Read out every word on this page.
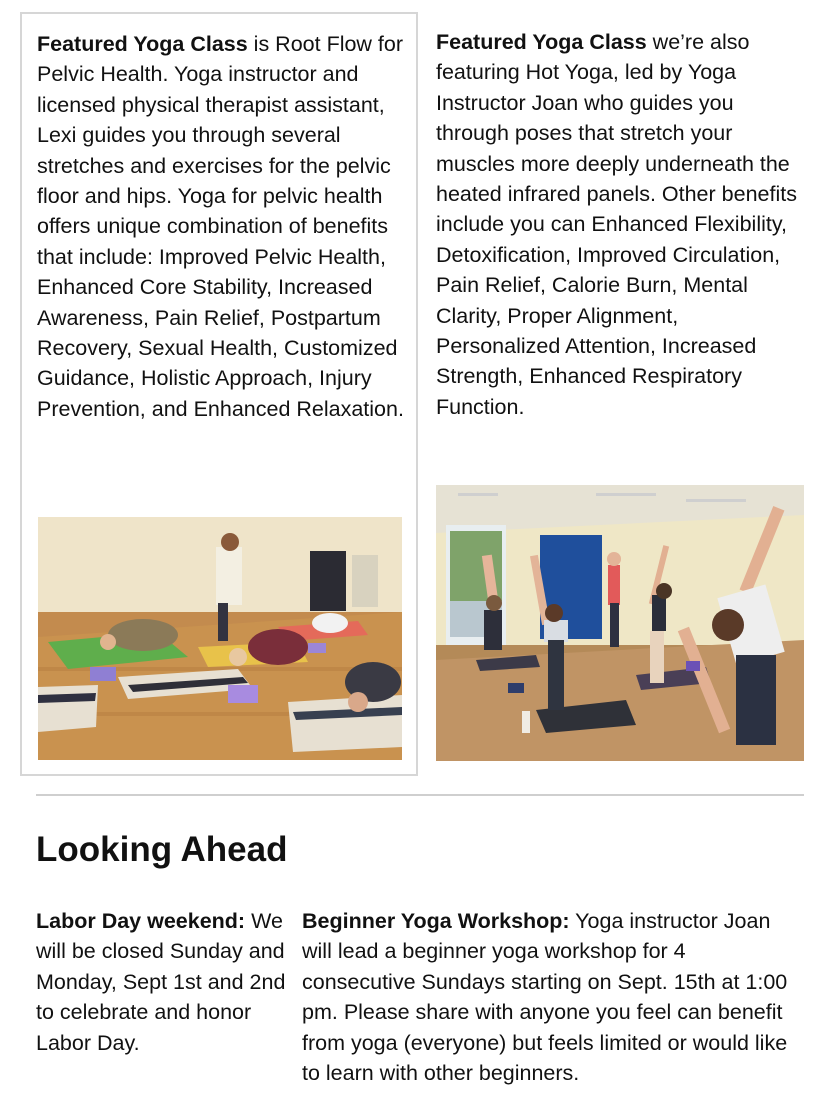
Featured Yoga Class is Root Flow for Pelvic Health. Yoga instructor and licensed physical therapist assistant, Lexi guides you through several stretches and exercises for the pelvic floor and hips. Yoga for pelvic health offers unique combination of benefits that include: Improved Pelvic Health, Enhanced Core Stability, Increased Awareness, Pain Relief, Postpartum Recovery, Sexual Health, Customized Guidance, Holistic Approach, Injury Prevention, and Enhanced Relaxation.

Featured Yoga Class we’re also featuring Hot Yoga, led by Yoga Instructor Joan who guides you through poses that stretch your muscles more deeply underneath the heated infrared panels. Other benefits include you can Enhanced Flexibility, Detoxification, Improved Circulation, Pain Relief, Calorie Burn, Mental Clarity, Proper Alignment, Personalized Attention, Increased Strength, Enhanced Respiratory Function.

Looking Ahead

Labor Day weekend: We will be closed Sunday and Monday, Sept 1st and 2nd to celebrate and honor Labor Day.

Beginner Yoga Workshop: Yoga instructor Joan will lead a beginner yoga workshop for 4 consecutive Sundays starting on Sept. 15th at 1:00 pm. Please share with anyone you feel can benefit from yoga (everyone) but feels limited or would like to learn with other beginners.
